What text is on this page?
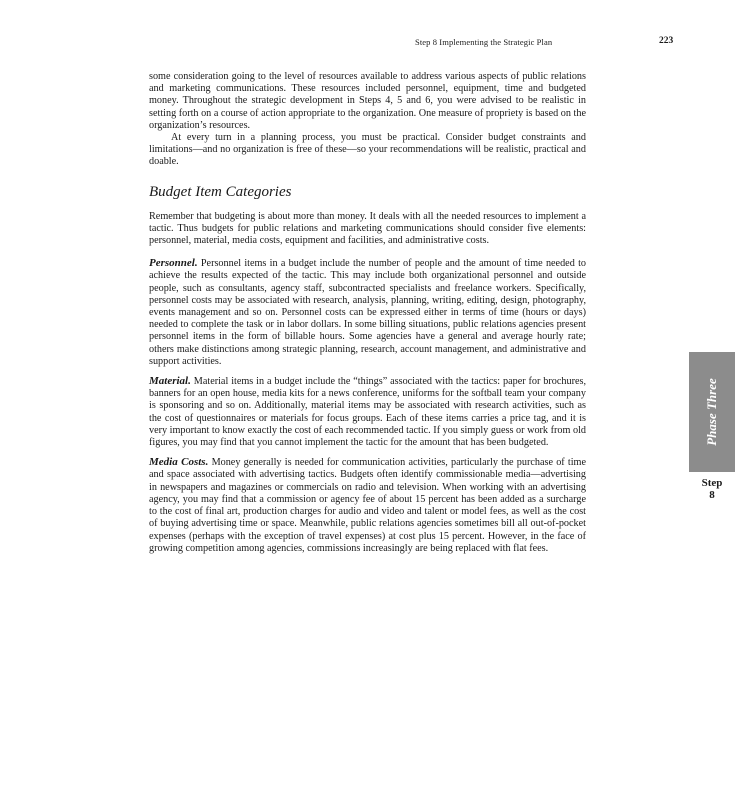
Step 8 Implementing the Strategic Plan	223

some consideration going to the level of resources available to address various aspects of public relations and marketing communications. These resources included personnel, equipment, time and budgeted money. Throughout the strategic development in Steps 4, 5 and 6, you were advised to be realistic in setting forth on a course of action appropriate to the organization. One measure of propriety is based on the organization’s resources.

At every turn in a planning process, you must be practical. Consider budget constraints and limitations—and no organization is free of these—so your recommendations will be realistic, practical and doable.

Budget Item Categories

Remember that budgeting is about more than money. It deals with all the needed resources to implement a tactic. Thus budgets for public relations and marketing communications should consider five elements: personnel, material, media costs, equipment and facilities, and administrative costs.

Personnel. Personnel items in a budget include the number of people and the amount of time needed to achieve the results expected of the tactic. This may include both organizational personnel and outside people, such as consultants, agency staff, subcontracted specialists and freelance workers. Specifically, personnel costs may be associated with research, analysis, planning, writing, editing, design, photography, events management and so on. Personnel costs can be expressed either in terms of time (hours or days) needed to complete the task or in labor dollars. In some billing situations, public relations agencies present personnel items in the form of billable hours. Some agencies have a general and average hourly rate; others make distinctions among strategic planning, research, account management, and administrative and support activities.

Material. Material items in a budget include the “things” associated with the tactics: paper for brochures, banners for an open house, media kits for a news conference, uniforms for the softball team your company is sponsoring and so on. Additionally, material items may be associated with research activities, such as the cost of questionnaires or materials for focus groups. Each of these items carries a price tag, and it is very important to know exactly the cost of each recommended tactic. If you simply guess or work from old figures, you may find that you cannot implement the tactic for the amount that has been budgeted.

Media Costs. Money generally is needed for communication activities, particularly the purchase of time and space associated with advertising tactics. Budgets often identify commissionable media—advertising in newspapers and magazines or commercials on radio and television. When working with an advertising agency, you may find that a commission or agency fee of about 15 percent has been added as a surcharge to the cost of final art, production charges for audio and video and talent or model fees, as well as the cost of buying advertising time or space. Meanwhile, public relations agencies sometimes bill all out-of-pocket expenses (perhaps with the exception of travel expenses) at cost plus 15 percent. However, in the face of growing competition among agencies, commissions increasingly are being replaced with flat fees.

Phase Three
Step
8
